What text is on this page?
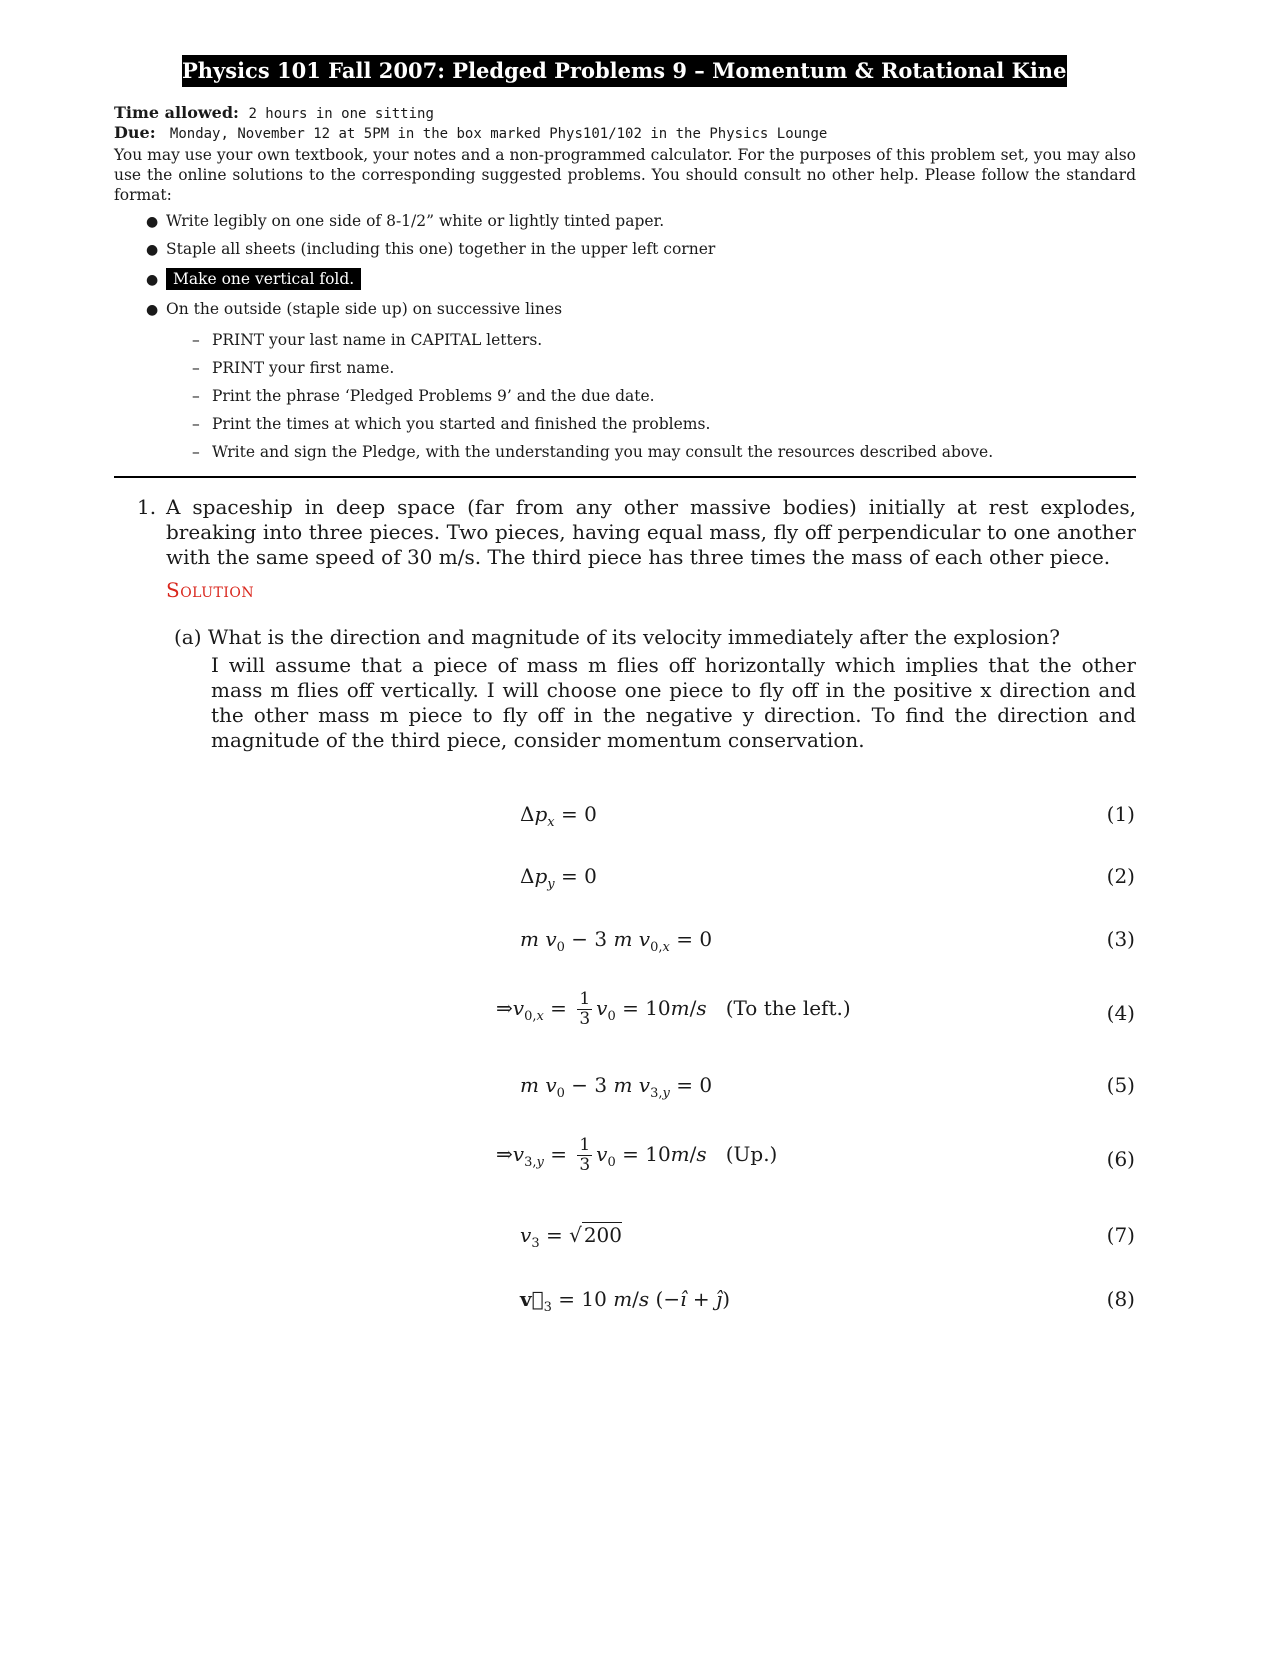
Physics 101 Fall 2007: Pledged Problems 9 – Momentum & Rotational Kinematics
Time allowed: 2 hours in one sitting
Due: Monday, November 12 at 5PM in the box marked Phys101/102 in the Physics Lounge
You may use your own textbook, your notes and a non-programmed calculator. For the purposes of this problem set, you may also use the online solutions to the corresponding suggested problems. You should consult no other help. Please follow the standard format:
● Write legibly on one side of 8-1/2” white or lightly tinted paper.
● Staple all sheets (including this one) together in the upper left corner
● Make one vertical fold.
● On the outside (staple side up) on successive lines
– PRINT your last name in CAPITAL letters.
– PRINT your first name.
– Print the phrase ‘Pledged Problems 9’ and the due date.
– Print the times at which you started and finished the problems.
– Write and sign the Pledge, with the understanding you may consult the resources described above.
1. A spaceship in deep space (far from any other massive bodies) initially at rest explodes, breaking into three pieces. Two pieces, having equal mass, fly off perpendicular to one another with the same speed of 30 m/s. The third piece has three times the mass of each other piece.
Solution
(a) What is the direction and magnitude of its velocity immediately after the explosion?
I will assume that a piece of mass m flies off horizontally which implies that the other mass m flies off vertically. I will choose one piece to fly off in the positive x direction and the other mass m piece to fly off in the negative y direction. To find the direction and magnitude of the third piece, consider momentum conservation.
$\Delta p_x = 0$	(1)
$\Delta p_y = 0$	(2)
m $v_0 - 3$ m $v_{0,x} = 0$	(3)
$\Rightarrow v_{0,x} = \frac{1}{3} v_0 = 10m/s$ (To the left.)	(4)
m $v_0 - 3$ m $v_{3,y} = 0$	(5)
$\Rightarrow v_{3,y} = \frac{1}{3} v_0 = 10m/s$ (Up.)	(6)
$v_3$ = √ 200	(7)
$v⃗_3 = 10$ m/s (−î + ĵ)	(8)
